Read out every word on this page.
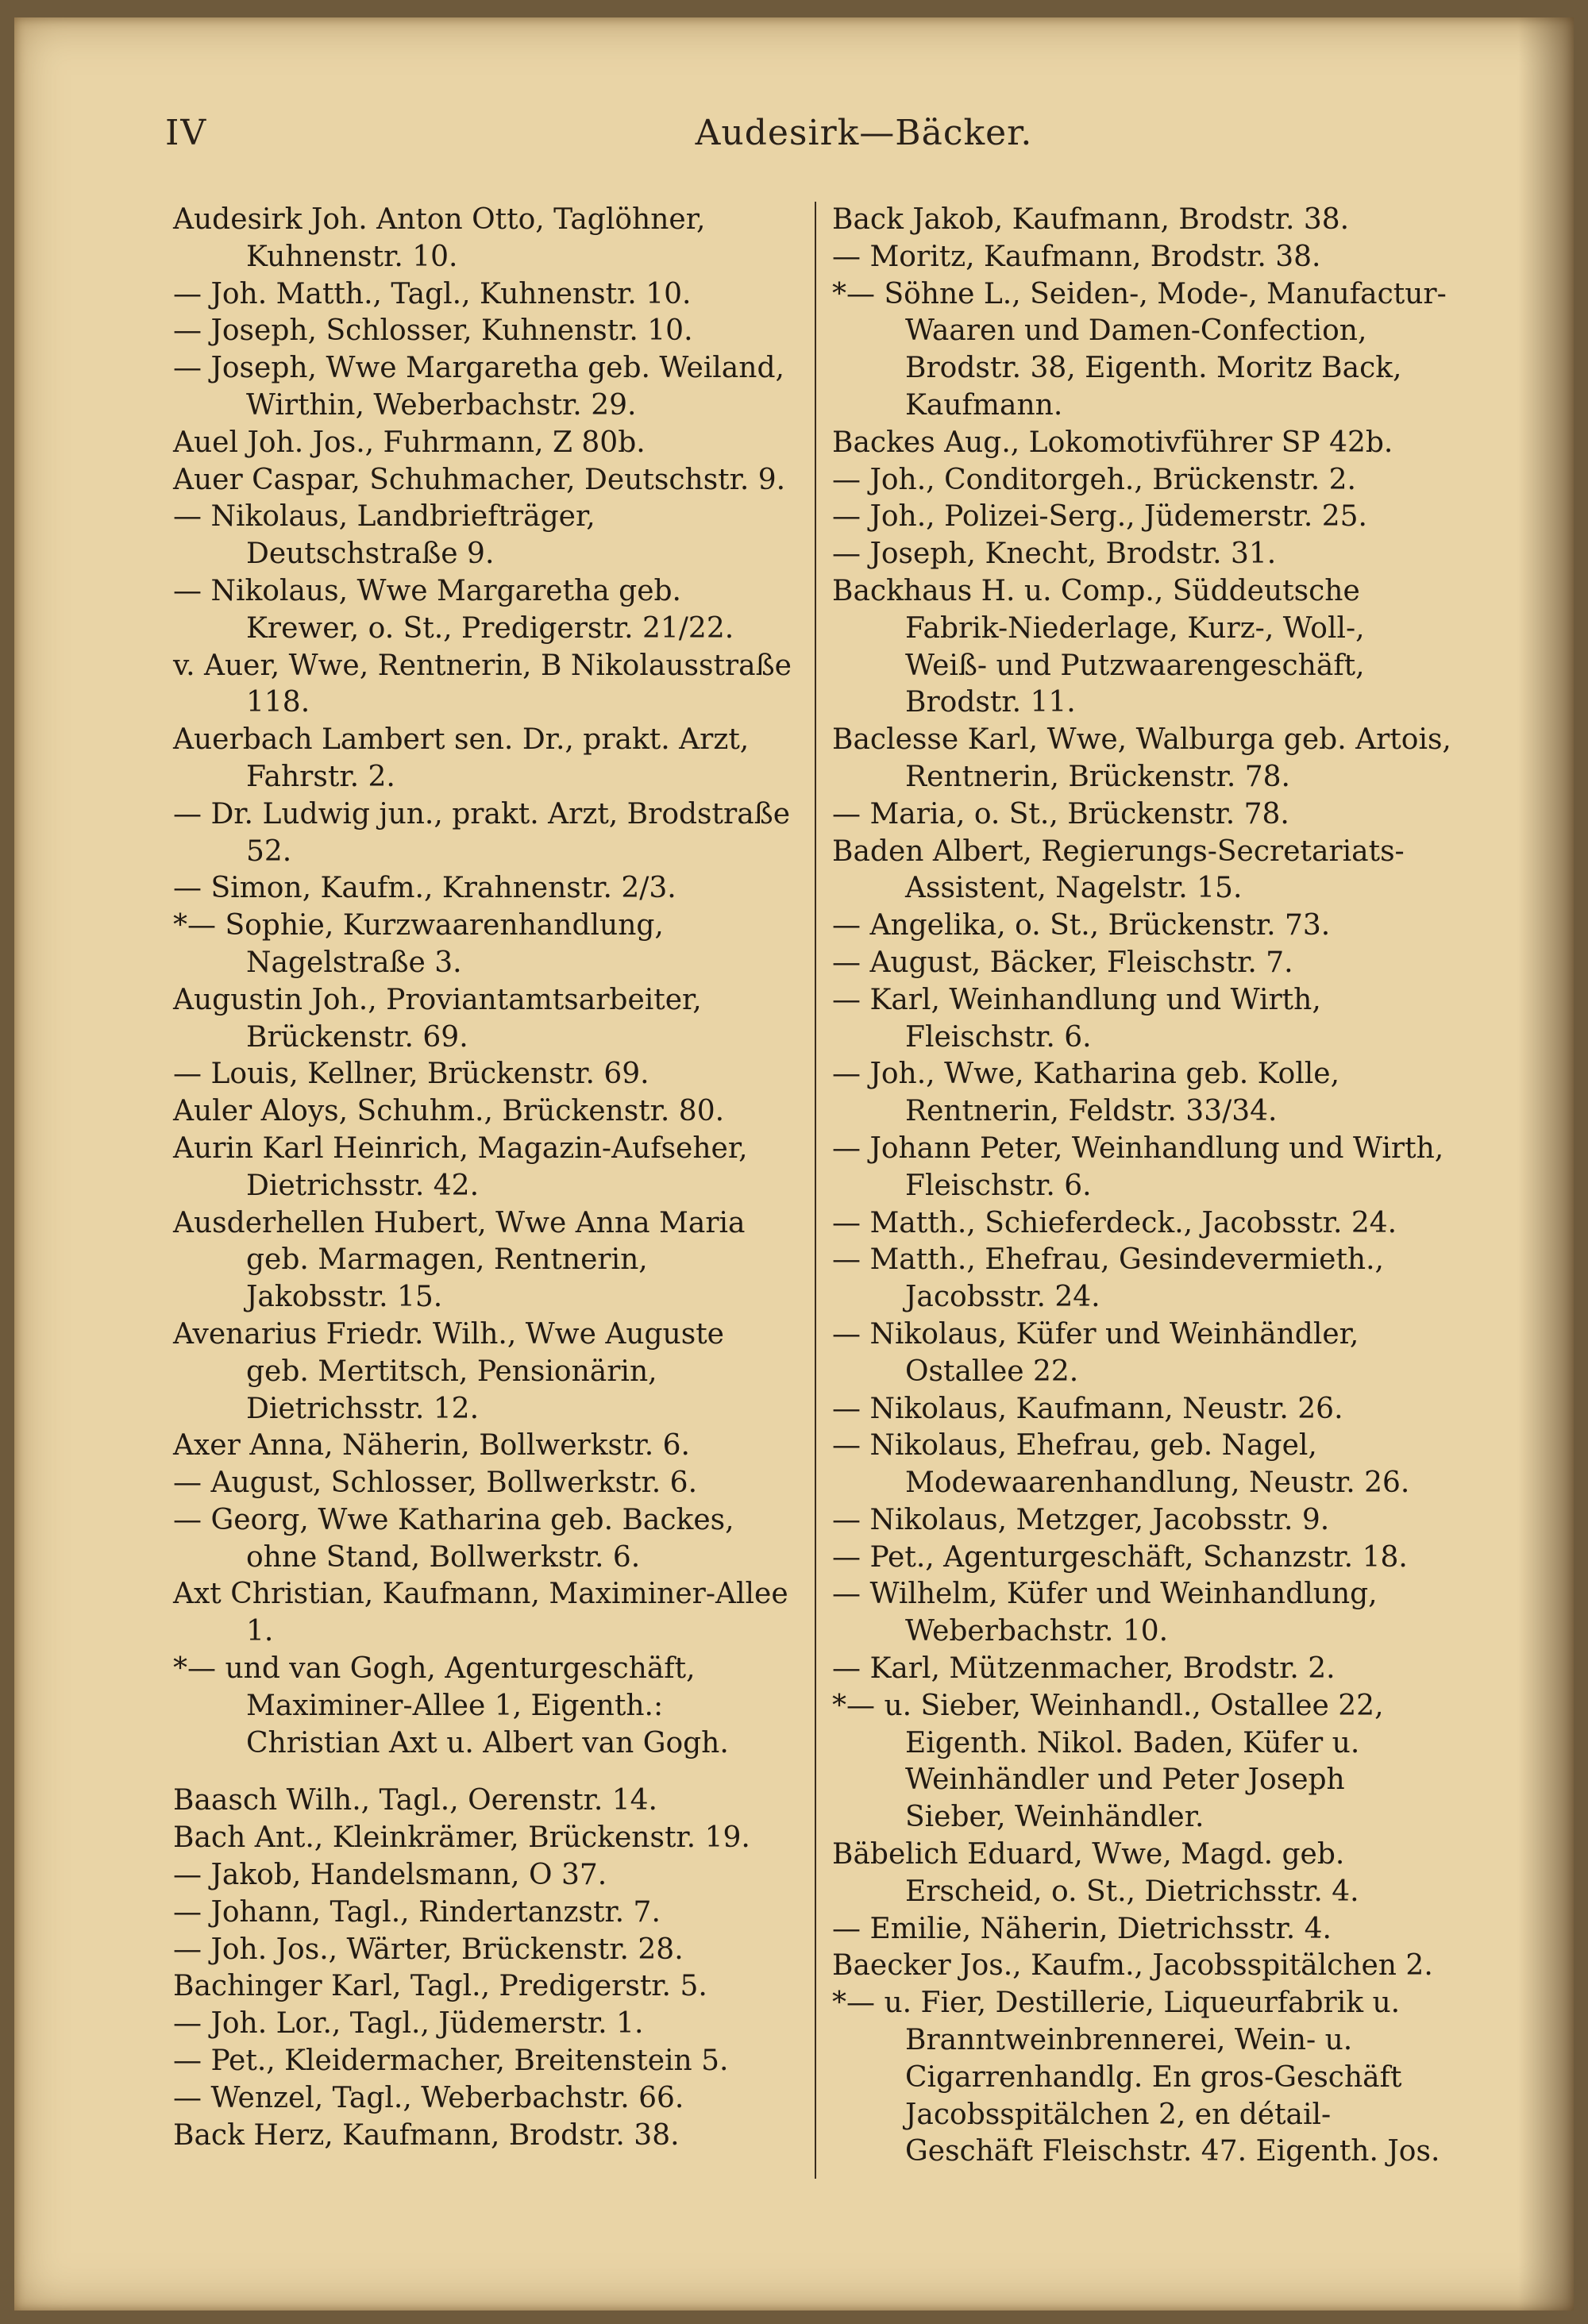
IV	Audesirk—Bäcker.

Audesirk Joh. Anton Otto, Taglöhner, Kuhnenstr. 10.

— Joh. Matth., Tagl., Kuhnenstr. 10.

— Joseph, Schlosser, Kuhnenstr. 10.

— Joseph, Wwe Margaretha geb. Weiland, Wirthin, Weberbachstr. 29.

Auel Joh. Jos., Fuhrmann, Z 80b.

Auer Caspar, Schuhmacher, Deutschstr. 9.

— Nikolaus, Landbriefträger, Deutschstraße 9.

— Nikolaus, Wwe Margaretha geb. Krewer, o. St., Predigerstr. 21/22.

v. Auer, Wwe, Rentnerin, B Nikolausstraße 118.

Auerbach Lambert sen. Dr., prakt. Arzt, Fahrstr. 2.

— Dr. Ludwig jun., prakt. Arzt, Brodstraße 52.

— Simon, Kaufm., Krahnenstr. 2/3.

*— Sophie, Kurzwaarenhandlung, Nagelstraße 3.

Augustin Joh., Proviantamtsarbeiter, Brückenstr. 69.

— Louis, Kellner, Brückenstr. 69.

Auler Aloys, Schuhm., Brückenstr. 80.

Aurin Karl Heinrich, Magazin-Aufseher, Dietrichsstr. 42.

Ausderhellen Hubert, Wwe Anna Maria geb. Marmagen, Rentnerin, Jakobsstr. 15.

Avenarius Friedr. Wilh., Wwe Auguste geb. Mertitsch, Pensionärin, Dietrichsstr. 12.

Axer Anna, Näherin, Bollwerkstr. 6.

— August, Schlosser, Bollwerkstr. 6.

— Georg, Wwe Katharina geb. Backes, ohne Stand, Bollwerkstr. 6.

Axt Christian, Kaufmann, Maximiner-Allee 1.

*— und van Gogh, Agenturgeschäft, Maximiner-Allee 1, Eigenth.: Christian Axt u. Albert van Gogh.

Baasch Wilh., Tagl., Oerenstr. 14.

Bach Ant., Kleinkrämer, Brückenstr. 19.

— Jakob, Handelsmann, O 37.

— Johann, Tagl., Rindertanzstr. 7.

— Joh. Jos., Wärter, Brückenstr. 28.

Bachinger Karl, Tagl., Predigerstr. 5.

— Joh. Lor., Tagl., Jüdemerstr. 1.

— Pet., Kleidermacher, Breitenstein 5.

— Wenzel, Tagl., Weberbachstr. 66.

Back Herz, Kaufmann, Brodstr. 38.

Back Jakob, Kaufmann, Brodstr. 38.

— Moritz, Kaufmann, Brodstr. 38.

*— Söhne L., Seiden-, Mode-, Manufactur-Waaren und Damen-Confection, Brodstr. 38, Eigenth. Moritz Back, Kaufmann.

Backes Aug., Lokomotivführer SP 42b.

— Joh., Conditorgeh., Brückenstr. 2.

— Joh., Polizei-Serg., Jüdemerstr. 25.

— Joseph, Knecht, Brodstr. 31.

Backhaus H. u. Comp., Süddeutsche Fabrik-Niederlage, Kurz-, Woll-, Weiß- und Putzwaarengeschäft, Brodstr. 11.

Baclesse Karl, Wwe, Walburga geb. Artois, Rentnerin, Brückenstr. 78.

— Maria, o. St., Brückenstr. 78.

Baden Albert, Regierungs-Secretariats-Assistent, Nagelstr. 15.

— Angelika, o. St., Brückenstr. 73.

— August, Bäcker, Fleischstr. 7.

— Karl, Weinhandlung und Wirth, Fleischstr. 6.

— Joh., Wwe, Katharina geb. Kolle, Rentnerin, Feldstr. 33/34.

— Johann Peter, Weinhandlung und Wirth, Fleischstr. 6.

— Matth., Schieferdeck., Jacobsstr. 24.

— Matth., Ehefrau, Gesindevermieth., Jacobsstr. 24.

— Nikolaus, Küfer und Weinhändler, Ostallee 22.

— Nikolaus, Kaufmann, Neustr. 26.

— Nikolaus, Ehefrau, geb. Nagel, Modewaarenhandlung, Neustr. 26.

— Nikolaus, Metzger, Jacobsstr. 9.

— Pet., Agenturgeschäft, Schanzstr. 18.

— Wilhelm, Küfer und Weinhandlung, Weberbachstr. 10.

— Karl, Mützenmacher, Brodstr. 2.

*— u. Sieber, Weinhandl., Ostallee 22, Eigenth. Nikol. Baden, Küfer u. Weinhändler und Peter Joseph Sieber, Weinhändler.

Bäbelich Eduard, Wwe, Magd. geb. Erscheid, o. St., Dietrichsstr. 4.

— Emilie, Näherin, Dietrichsstr. 4.

Baecker Jos., Kaufm., Jacobsspitälchen 2.

*— u. Fier, Destillerie, Liqueurfabrik u. Branntweinbrennerei, Wein- u. Cigarrenhandlg. En gros-Geschäft Jacobsspitälchen 2, en détail-Geschäft Fleischstr. 47. Eigenth. Jos.
